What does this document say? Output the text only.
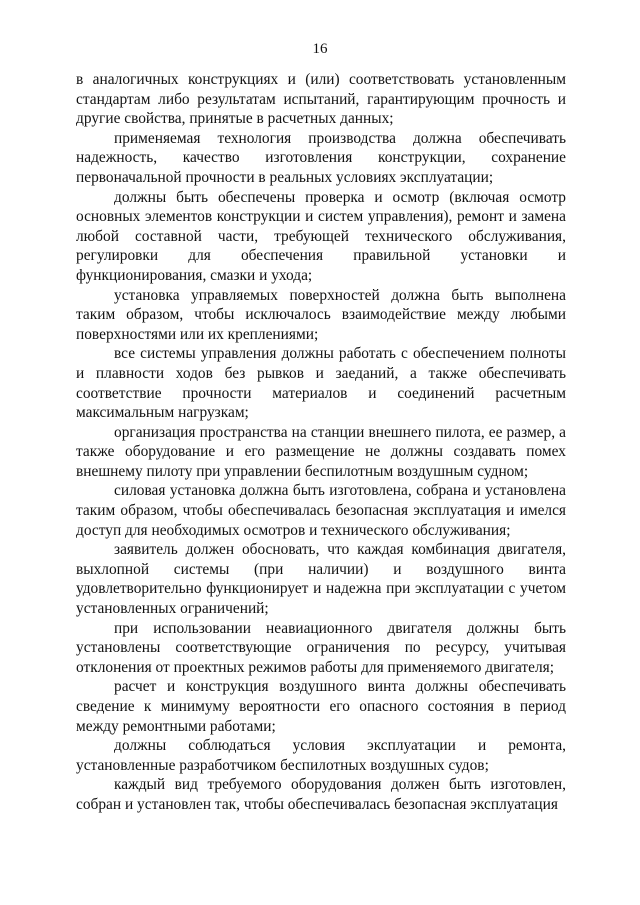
16

в аналогичных конструкциях и (или) соответствовать установленным стандартам либо результатам испытаний, гарантирующим прочность и другие свойства, принятые в расчетных данных;

применяемая технология производства должна обеспечивать надежность, качество изготовления конструкции, сохранение первоначальной прочности в реальных условиях эксплуатации;

должны быть обеспечены проверка и осмотр (включая осмотр основных элементов конструкции и систем управления), ремонт и замена любой составной части, требующей технического обслуживания, регулировки для обеспечения правильной установки и функционирования, смазки и ухода;

установка управляемых поверхностей должна быть выполнена таким образом, чтобы исключалось взаимодействие между любыми поверхностями или их креплениями;

все системы управления должны работать с обеспечением полноты и плавности ходов без рывков и заеданий, а также обеспечивать соответствие прочности материалов и соединений расчетным максимальным нагрузкам;

организация пространства на станции внешнего пилота, ее размер, а также оборудование и его размещение не должны создавать помех внешнему пилоту при управлении беспилотным воздушным судном;

силовая установка должна быть изготовлена, собрана и установлена таким образом, чтобы обеспечивалась безопасная эксплуатация и имелся доступ для необходимых осмотров и технического обслуживания;

заявитель должен обосновать, что каждая комбинация двигателя, выхлопной системы (при наличии) и воздушного винта удовлетворительно функционирует и надежна при эксплуатации с учетом установленных ограничений;

при использовании неавиационного двигателя должны быть установлены соответствующие ограничения по ресурсу, учитывая отклонения от проектных режимов работы для применяемого двигателя;

расчет и конструкция воздушного винта должны обеспечивать сведение к минимуму вероятности его опасного состояния в период между ремонтными работами;

должны соблюдаться условия эксплуатации и ремонта, установленные разработчиком беспилотных воздушных судов;

каждый вид требуемого оборудования должен быть изготовлен, собран и установлен так, чтобы обеспечивалась безопасная эксплуатация
